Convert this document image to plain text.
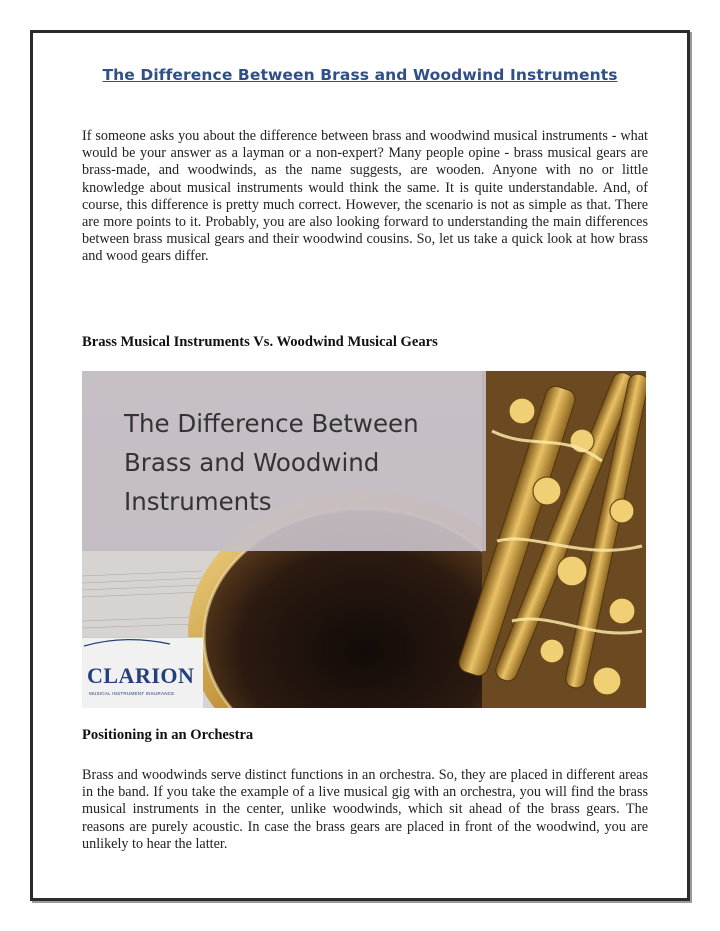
The Difference Between Brass and Woodwind Instruments

If someone asks you about the difference between brass and woodwind musical instruments - what would be your answer as a layman or a non-expert? Many people opine - brass musical gears are brass-made, and woodwinds, as the name suggests, are wooden. Anyone with no or little knowledge about musical instruments would think the same. It is quite understandable. And, of course, this difference is pretty much correct. However, the scenario is not as simple as that. There are more points to it. Probably, you are also looking forward to understanding the main differences between brass musical gears and their woodwind cousins. So, let us take a quick look at how brass and wood gears differ.

Brass Musical Instruments Vs. Woodwind Musical Gears

The Difference Between
Brass and Woodwind
Instruments
CLARION
MUSICAL INSTRUMENT INSURANCE

Positioning in an Orchestra

Brass and woodwinds serve distinct functions in an orchestra. So, they are placed in different areas in the band. If you take the example of a live musical gig with an orchestra, you will find the brass musical instruments in the center, unlike woodwinds, which sit ahead of the brass gears. The reasons are purely acoustic. In case the brass gears are placed in front of the woodwind, you are unlikely to hear the latter.
